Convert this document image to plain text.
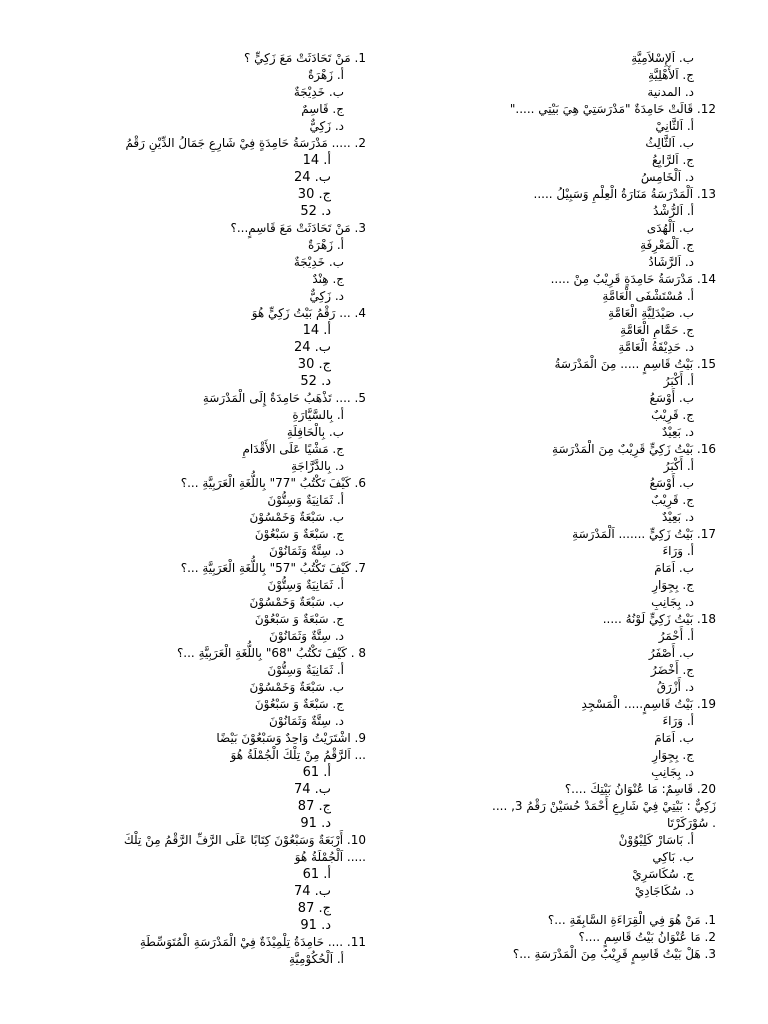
1. مَنْ تَحَادَثَتْ مَعَ زَكِيٍّ ؟
أ. زَهْرَةٌ
ب. خَدِيْجَةٌ
ج. قَاسِمٌ
د. زَكِيٌّ
2. ..... مَدْرَسَةُ حَامِدَةٍ فِيْ شَارِعِ جَمَالُ الدِّيْنِ رَقْمُ
أ. 14
ب. 24
ج. 30
د. 52
3. مَنْ تَحَادَثَتْ مَعَ قَاسِمٍ...؟
أ. زَهْرَةٌ
ب. خَدِيْجَةٌ
ج. هِنْدٌ
د. زَكِيٌّ
4. ... رَقْمُ بَيْتُ زَكِيٍّ هُوَ
أ. 14
ب. 24
ج. 30
د. 52
5. .... تَذْهَبُ حَامِدَةٌ إِلَى الْمَدْرَسَةِ
أ. بِالسَّيَّارَةِ
ب. بِالْحَافِلَةِ
ج. مَشْيًا عَلَى الأَقْدَامِ
د. بِالدَّرَّاجَةِ
6. كَيْفَ تَكْتُبُ "77" بِاللُّغَةِ الْعَرَبِيَّةِ ...؟
أ. ثَمَانِيَةٌ وَسِتُّوْنَ
ب. سَبْعَةٌ وَخَمْسُوْنَ
ج. سَبْعَةٌ وَ سَبْعُوْنَ
د. سِتَّةٌ وَثَمَانُوْنَ
7. كَيْفَ تَكْتُبُ "57" بِاللُّغَةِ الْعَرَبِيَّةِ ...؟
أ. ثَمَانِيَةٌ وَسِتُّوْنَ
ب. سَبْعَةٌ وَخَمْسُوْنَ
ج. سَبْعَةٌ وَ سَبْعُوْنَ
د. سِتَّةٌ وَثَمَانُوْنَ
8 . كَيْفَ تَكْتُبُ "68" بِاللُّغَةِ الْعَرَبِيَّةِ ...؟
أ. ثَمَانِيَةٌ وَسِتُّوْنَ
ب. سَبْعَةٌ وَخَمْسُوْنَ
ج. سَبْعَةٌ وَ سَبْعُوْنَ
د. سِتَّةٌ وَثَمَانُوْنَ
9. اشْتَرَيْتُ وَاحِدٌ وَسَبْعُوْنَ بَيْضًا
... اَلرَّقْمُ مِنْ تِلْكَ الْجُمْلَةُ هُوَ
أ. 61
ب. 74
ج. 87
د. 91
10. أَرْبَعَةٌ وَسَبْعُوْنَ كِتَابًا عَلَى الرَّفِّ الرَّقْمُ مِنْ تِلْكَ
..... اَلْجُمْلَةُ هُوَ
أ. 61
ب. 74
ج. 87
د. 91
11. .... حَامِدَةُ تِلْمِيْذَةٌ فِيْ الْمَدْرَسَةِ الْمُتَوَسِّطَةِ
أ. اَلْحُكُوْمِيَّةِ
ب. اَلإِسْلاَمِيَّةِ
ج. اَلأَهْلِيَّةِ
د. المدنية
12. قَالَتْ حَامِدَةٌ "مَدْرَسَتِيْ هِيَ بَيْتِي ....."
أ. اَلثَّانِيْ
ب. اَلثَّالِثُ
ج. اَلرَّابِعُ
د. اَلْخَامِسُ
13. اَلْمَدْرَسَةُ مَنَارَةُ الْعِلْمِ وَسَبِيْلُ .....
أ. اَلرُّشْدُ
ب. اَلْهُدَى
ج. اَلْمَعْرِفَةِ
د. اَلرَّشَادُ
14. مَدْرَسَةُ حَامِدَةٍ قَرِيْبٌ مِنْ .....
أ. مُسْتَشْفَى الْعَامَّةِ
ب. صَيْدَلِيَّةِ الْعَامَّةِ
ج. حَمَّامِ الْعَامَّةِ
د. حَدِيْقَةُ الْعَامَّةِ
15. بَيْتُ قَاسِمٍ ..... مِنَ الْمَدْرَسَةُ
أ. أَكْبَرُ
ب. أَوْسَعُ
ج. قَرِيْبٌ
د. بَعِيْدٌ
16. بَيْتُ زَكِيٍّ قَرِيْبٌ مِنَ الْمَدْرَسَةِ
أ. أَكْبَرُ
ب. أَوْسَعُ
ج. قَرِيْبٌ
د. بَعِيْدٌ
17. بَيْتُ زَكِيٍّ ....... اَلْمَدْرَسَةِ
أ. وَرَاءَ
ب. اَمَامَ
ج. بِجِوَارِ
د. بِجَانِبِ
18. بَيْتُ زَكِيٍّ لَوْنُهُ .....
أ. أَحْمَرُ
ب. أَصْفَرُ
ج. أَخْضَرُ
د. أَزْرَقُ
19. بَيْتُ قَاسِمٍ..... الْمَسْجِدِ
أ. وَرَاءَ
ب. اَمَامَ
ج. بِجِوَارِ
د. بِجَانِبِ
20. قَاسِمٌ: مَا عُنْوَانُ بَيْتِكَ ....؟
زَكِيٌّ : بَيْتِيْ فِيْ شَارِعِ أَحْمَدْ حُسَيْنْ رَقْمُ 3, ....
. سُوْرَكَرْتَا
أ. بَاسَارْ كَلِيْوُوْنْ
ب. بَاكِي
ج. سُكَاسَرِيْ
د. سُكَاجَادِيْ
1. مَنْ هُوَ فِي الْقِرَاءَةِ السَّابِقَةِ ...؟
2. مَا عُنْوَانُ بَيْتُ قَاسِمٍ ....؟
3. هَلْ بَيْتُ قَاسِمٍ قَرِيْبٌ مِنَ الْمَدْرَسَةِ ...؟
